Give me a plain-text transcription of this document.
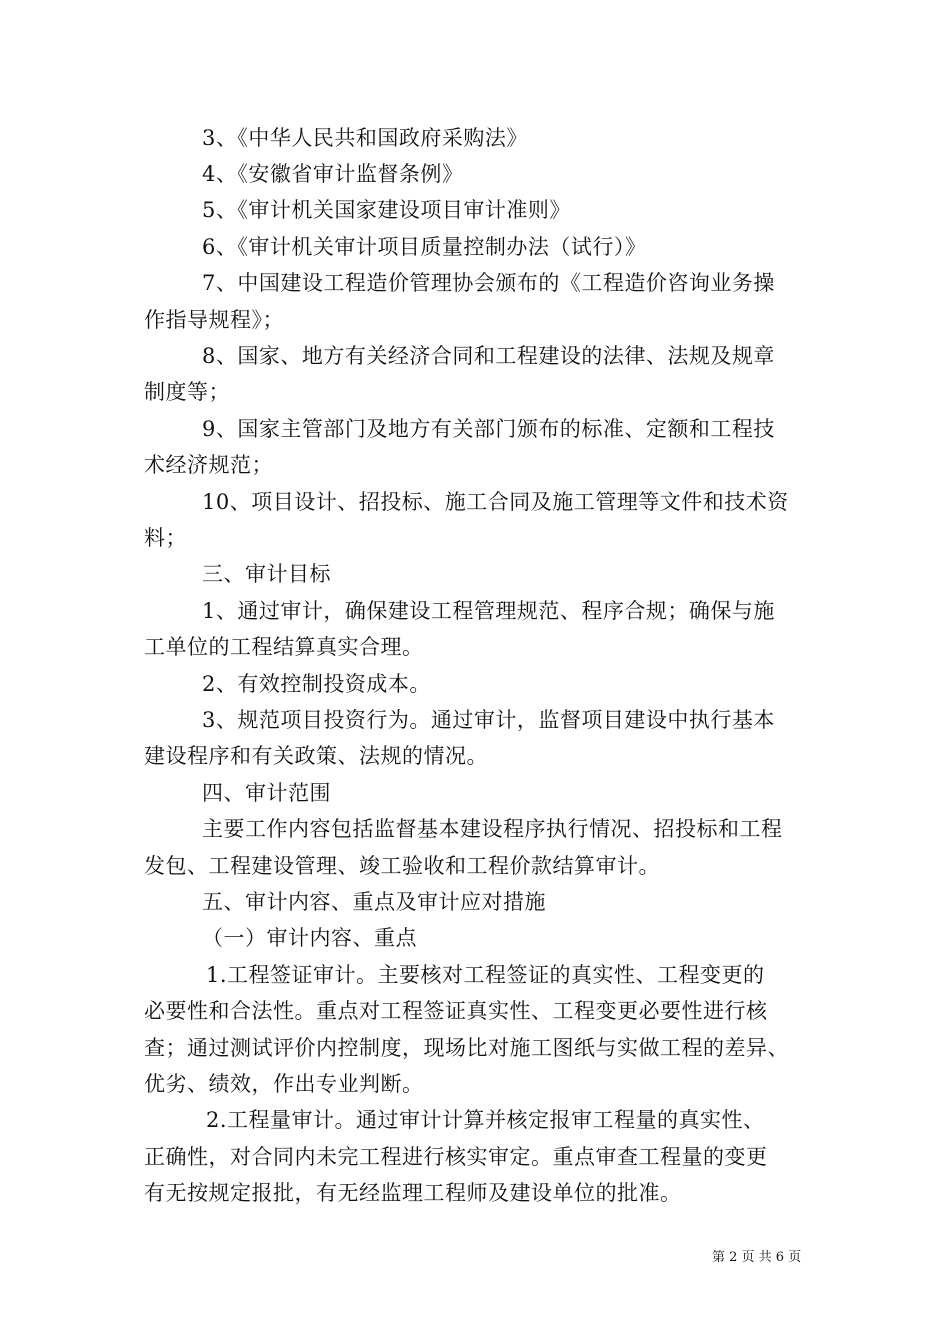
3、《中华人民共和国政府采购法》
4、《安徽省审计监督条例》
5、《审计机关国家建设项目审计准则》
6、《审计机关审计项目质量控制办法（试行）》
7、中国建设工程造价管理协会颁布的《工程造价咨询业务操
作指导规程》；
8、国家、地方有关经济合同和工程建设的法律、法规及规章
制度等；
9、国家主管部门及地方有关部门颁布的标准、定额和工程技
术经济规范；
10、项目设计、招投标、施工合同及施工管理等文件和技术资
料；
三、审计目标
1、通过审计，确保建设工程管理规范、程序合规；确保与施
工单位的工程结算真实合理。
2、有效控制投资成本。
3、规范项目投资行为。通过审计，监督项目建设中执行基本
建设程序和有关政策、法规的情况。
四、审计范围
主要工作内容包括监督基本建设程序执行情况、招投标和工程
发包、工程建设管理、竣工验收和工程价款结算审计。
五、审计内容、重点及审计应对措施
（一）审计内容、重点
1.工程签证审计。主要核对工程签证的真实性、工程变更的
必要性和合法性。重点对工程签证真实性、工程变更必要性进行核
查；通过测试评价内控制度，现场比对施工图纸与实做工程的差异、
优劣、绩效，作出专业判断。
2.工程量审计。通过审计计算并核定报审工程量的真实性、
正确性，对合同内未完工程进行核实审定。重点审查工程量的变更
有无按规定报批，有无经监理工程师及建设单位的批准。
第 2 页 共 6 页
